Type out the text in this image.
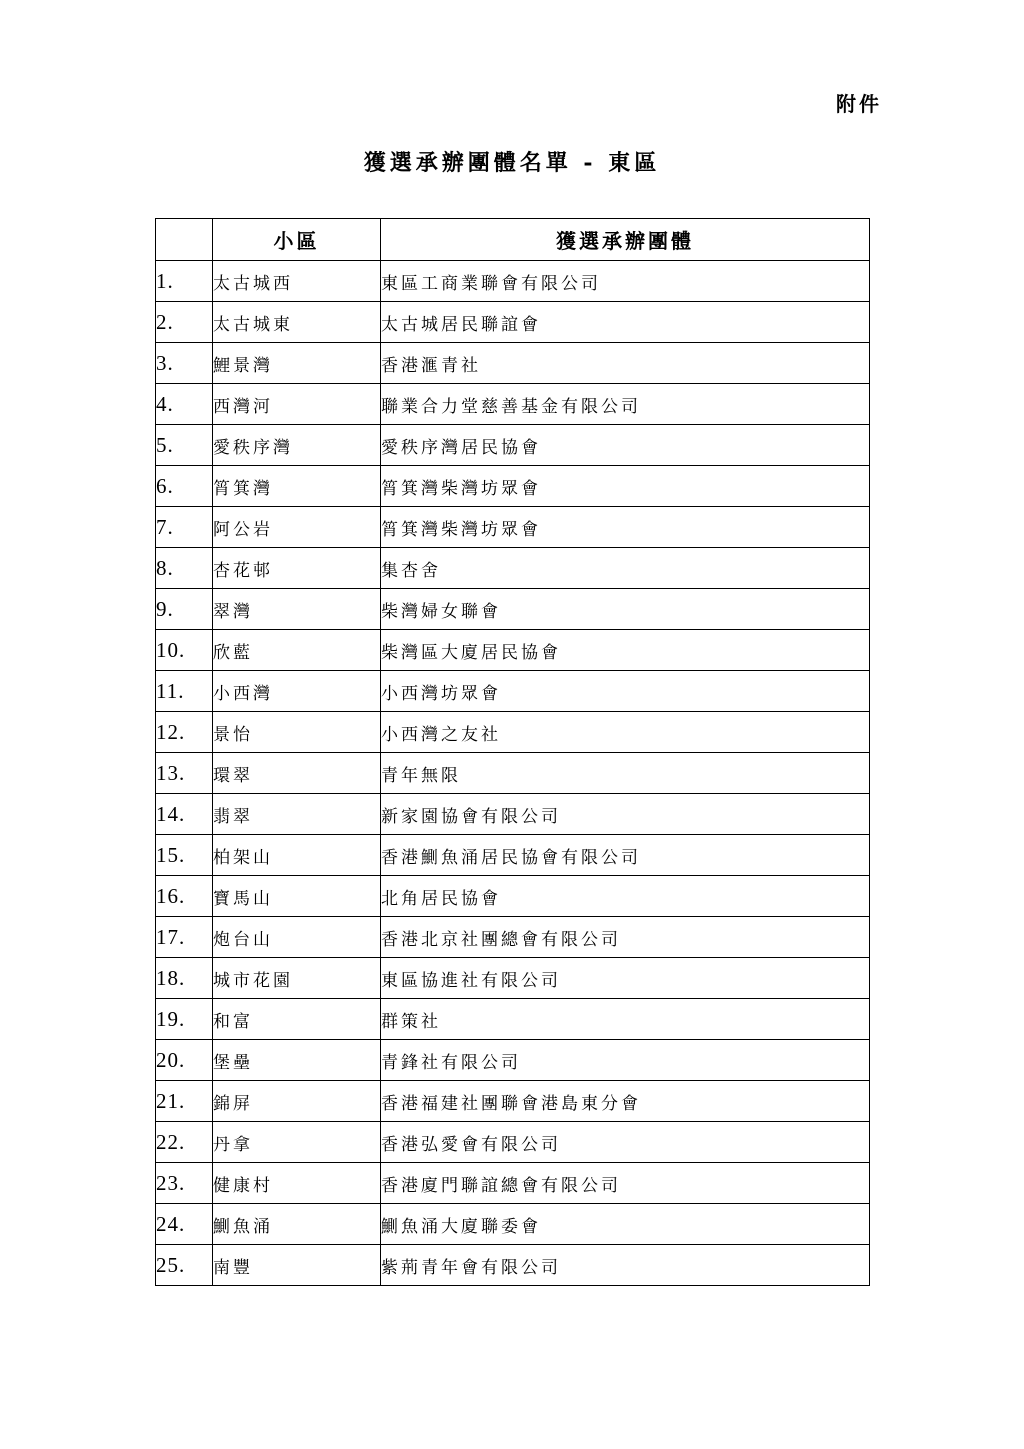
附件
獲選承辦團體名單 - 東區
	小區	獲選承辦團體
1.	太古城西	東區工商業聯會有限公司
2.	太古城東	太古城居民聯誼會
3.	鯉景灣	香港滙青社
4.	西灣河	聯業合力堂慈善基金有限公司
5.	愛秩序灣	愛秩序灣居民協會
6.	筲箕灣	筲箕灣柴灣坊眾會
7.	阿公岩	筲箕灣柴灣坊眾會
8.	杏花邨	集杏舍
9.	翠灣	柴灣婦女聯會
10.	欣藍	柴灣區大廈居民協會
11.	小西灣	小西灣坊眾會
12.	景怡	小西灣之友社
13.	環翠	青年無限
14.	翡翠	新家園協會有限公司
15.	柏架山	香港鰂魚涌居民協會有限公司
16.	寶馬山	北角居民協會
17.	炮台山	香港北京社團總會有限公司
18.	城市花園	東區協進社有限公司
19.	和富	群策社
20.	堡壘	青鋒社有限公司
21.	錦屏	香港福建社團聯會港島東分會
22.	丹拿	香港弘愛會有限公司
23.	健康村	香港廈門聯誼總會有限公司
24.	鰂魚涌	鰂魚涌大廈聯委會
25.	南豐	紫荊青年會有限公司
